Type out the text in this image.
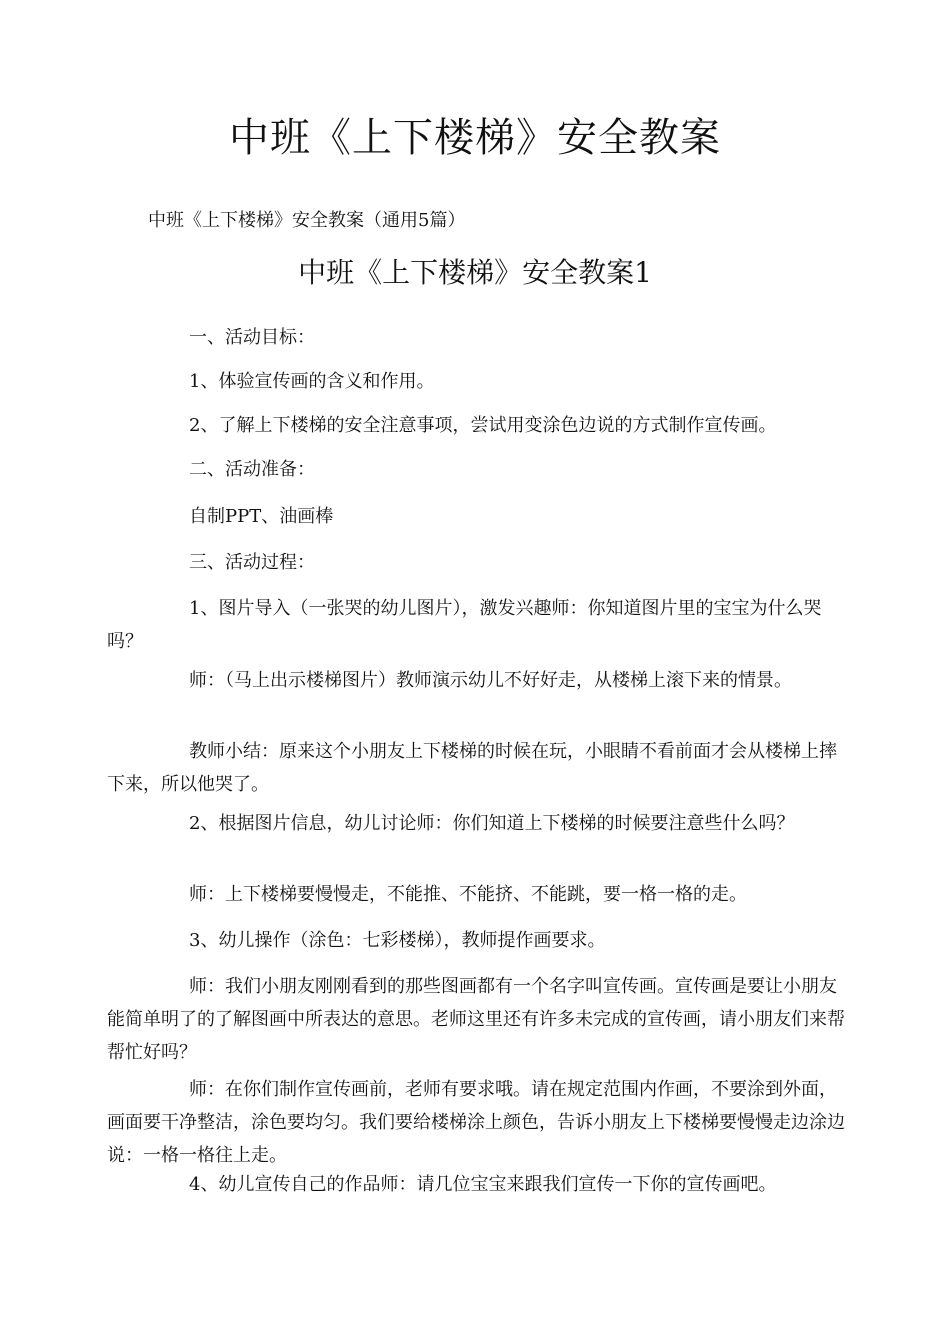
中班《上下楼梯》安全教案
中班《上下楼梯》安全教案（通用5篇）
中班《上下楼梯》安全教案1
一、活动目标：
1、体验宣传画的含义和作用。
2、了解上下楼梯的安全注意事项，尝试用变涂色边说的方式制作宣传画。
二、活动准备：
自制PPT、油画棒
三、活动过程：
1、图片导入（一张哭的幼儿图片），激发兴趣师：你知道图片里的宝宝为什么哭吗？
师：（马上出示楼梯图片）教师演示幼儿不好好走，从楼梯上滚下来的情景。
教师小结：原来这个小朋友上下楼梯的时候在玩，小眼睛不看前面才会从楼梯上摔下来，所以他哭了。
2、根据图片信息，幼儿讨论师：你们知道上下楼梯的时候要注意些什么吗？
师：上下楼梯要慢慢走，不能推、不能挤、不能跳，要一格一格的走。
3、幼儿操作（涂色：七彩楼梯），教师提作画要求。
师：我们小朋友刚刚看到的那些图画都有一个名字叫宣传画。宣传画是要让小朋友能简单明了的了解图画中所表达的意思。老师这里还有许多未完成的宣传画，请小朋友们来帮帮忙好吗？
师：在你们制作宣传画前，老师有要求哦。请在规定范围内作画，不要涂到外面，画面要干净整洁，涂色要均匀。我们要给楼梯涂上颜色，告诉小朋友上下楼梯要慢慢走边涂边说：一格一格往上走。
4、幼儿宣传自己的作品师：请几位宝宝来跟我们宣传一下你的宣传画吧。
